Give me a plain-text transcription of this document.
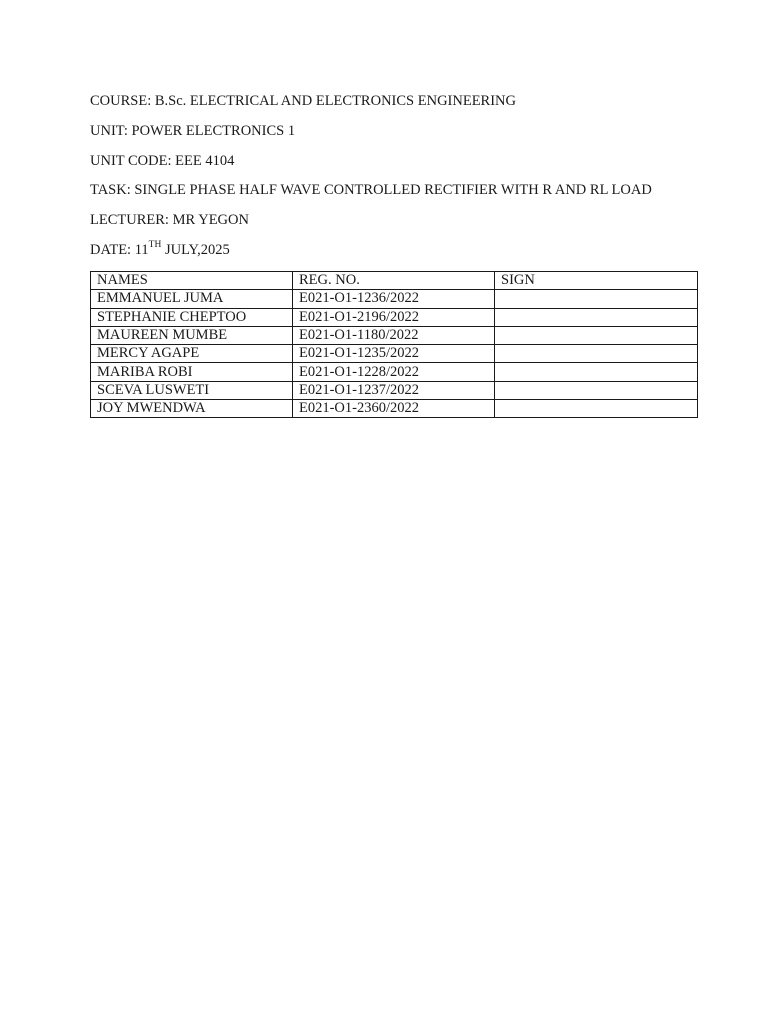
COURSE: B.Sc. ELECTRICAL AND ELECTRONICS ENGINEERING
UNIT: POWER ELECTRONICS 1
UNIT CODE: EEE 4104
TASK: SINGLE PHASE HALF WAVE CONTROLLED RECTIFIER WITH R AND RL LOAD
LECTURER: MR YEGON
DATE: 11TH JULY,2025
NAMES	REG. NO.	SIGN
EMMANUEL JUMA	E021-O1-1236/2022	
STEPHANIE CHEPTOO	E021-O1-2196/2022	
MAUREEN MUMBE	E021-O1-1180/2022	
MERCY AGAPE	E021-O1-1235/2022	
MARIBA ROBI	E021-O1-1228/2022	
SCEVA LUSWETI	E021-O1-1237/2022	
JOY MWENDWA	E021-O1-2360/2022	
